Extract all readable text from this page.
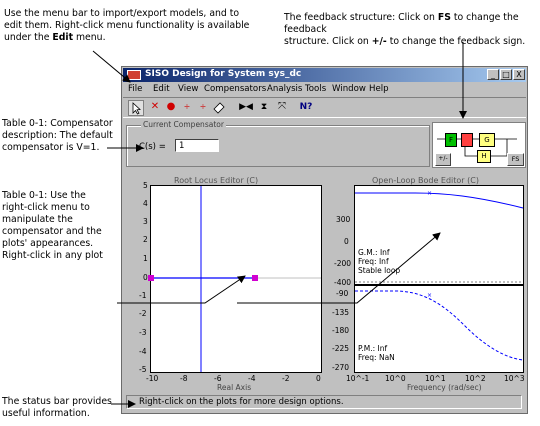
Use the menu bar to import/export models, and to
edit them. Right-click menu functionality is available
under the Edit menu.
The feedback structure: Click on FS to change the feedback
structure. Click on +/- to change the feedback sign.
Table 0-1: Compensator
description: The default
compensator is V=1.
Table 0-1: Use the
right-click menu to
manipulate the
compensator and the
plots' appearances.
Right-click in any plot
The status bar provides
useful information.
SISO Design for System sys_dc	_ □ X
File Edit View Compensators Analysis Tools Window Help
✕ ●	÷	÷	▶◀ ⧗	⤧	N?
Current Compensator
C(s) =	1
F	G
H
+/-	FS
Root Locus Editor (C)
5
4
3
2
1
0
-1
-2
-3
-4
-5
-10	-8	-6	-4	-2	0
Real Axis
Open-Loop Bode Editor (C)
×
G.M.: Inf
Freq: Inf
Stable loop
×
P.M.: Inf
Freq: NaN
300
0
-200
-400
-90
-135
-180
-225
-270
10^-1 10^0	10^1	10^2 10^3
Frequency (rad/sec)
Right-click on the plots for more design options.
